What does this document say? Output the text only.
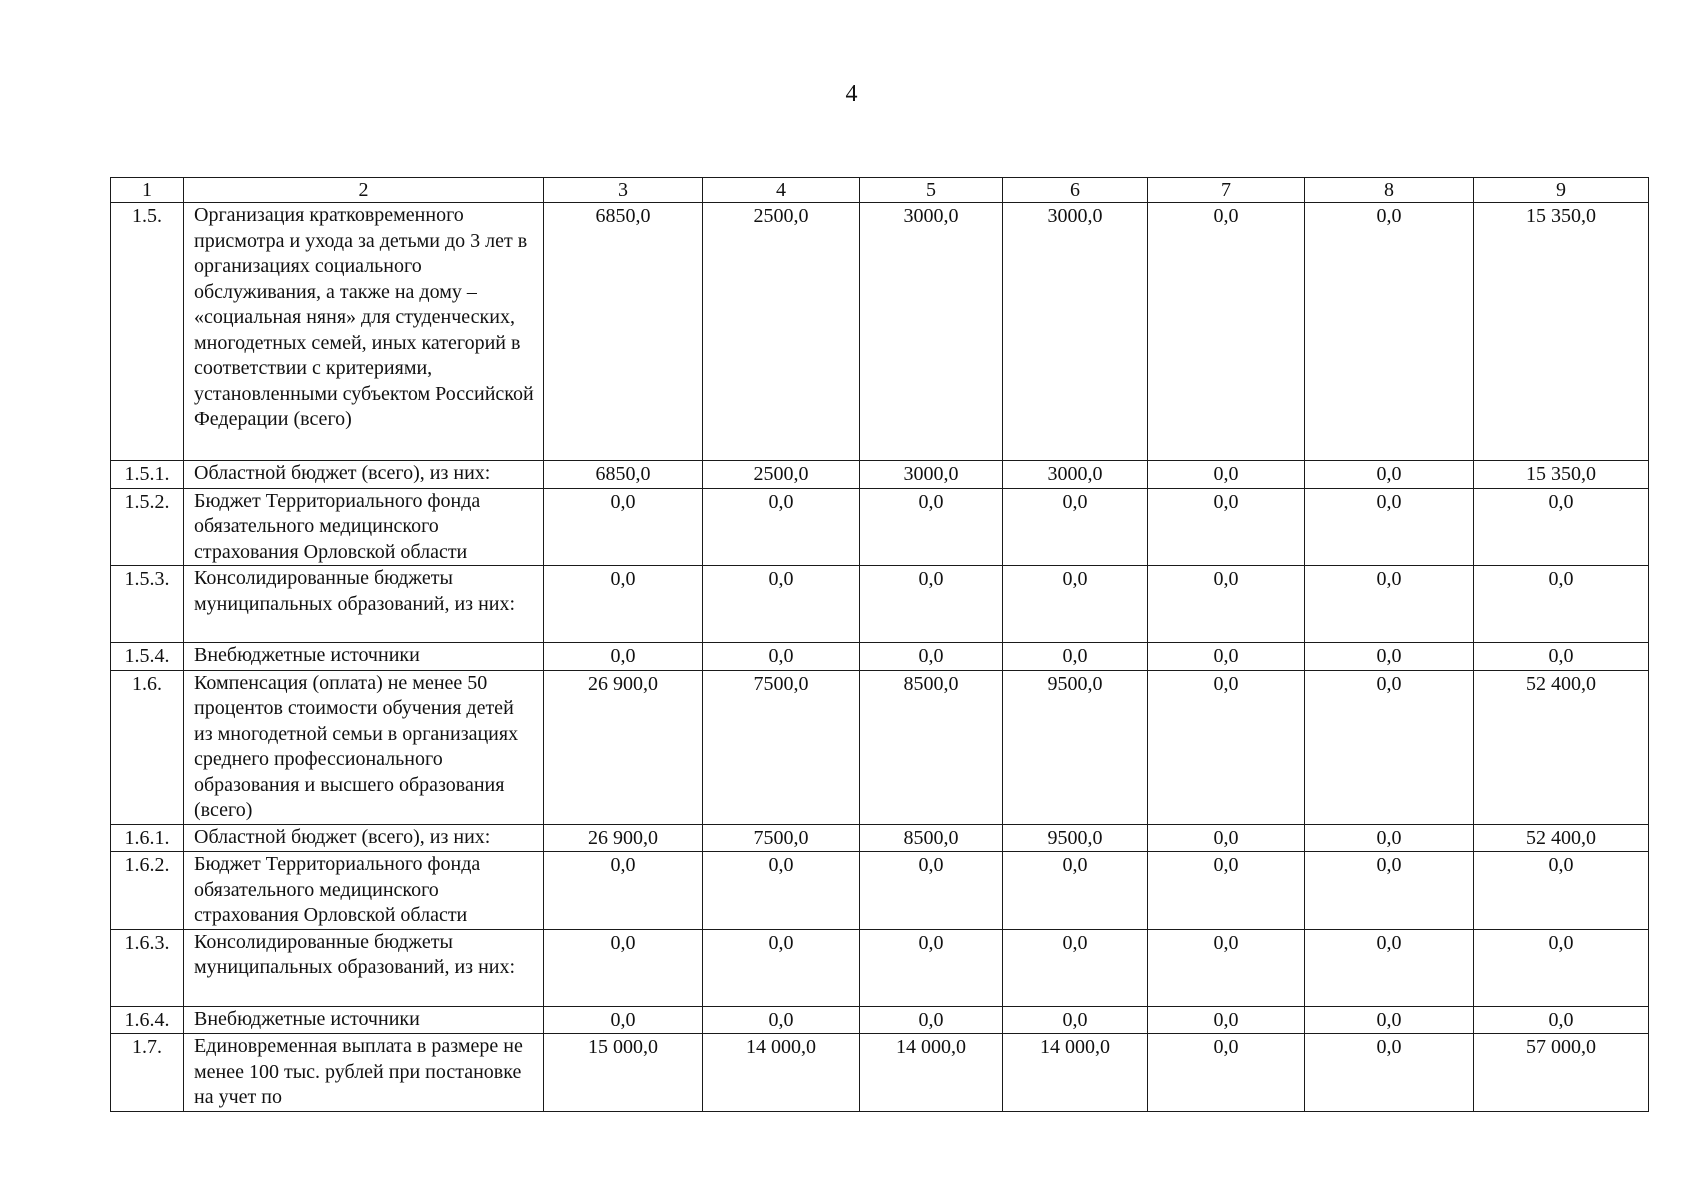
4
1	2	3	4	5	6	7	8	9
1.5.	Организация кратковременного присмотра и ухода за детьми до 3 лет в организациях социального обслуживания, а также на дому – «социальная няня» для студенческих, многодетных семей, иных категорий в соответствии с критериями, установленными субъектом Российской Федерации (всего)	6850,0	2500,0	3000,0	3000,0	0,0	0,0	15 350,0
1.5.1.	Областной бюджет (всего), из них:	6850,0	2500,0	3000,0	3000,0	0,0	0,0	15 350,0
1.5.2.	Бюджет Территориального фонда обязательного медицинского страхования Орловской области	0,0	0,0	0,0	0,0	0,0	0,0	0,0
1.5.3.	Консолидированные бюджеты муниципальных образований, из них:	0,0	0,0	0,0	0,0	0,0	0,0	0,0
1.5.4.	Внебюджетные источники	0,0	0,0	0,0	0,0	0,0	0,0	0,0
1.6.	Компенсация (оплата) не менее 50 процентов стоимости обучения детей из многодетной семьи в организациях среднего профессионального образования и высшего образования (всего)	26 900,0	7500,0	8500,0	9500,0	0,0	0,0	52 400,0
1.6.1.	Областной бюджет (всего), из них:	26 900,0	7500,0	8500,0	9500,0	0,0	0,0	52 400,0
1.6.2.	Бюджет Территориального фонда обязательного медицинского страхования Орловской области	0,0	0,0	0,0	0,0	0,0	0,0	0,0
1.6.3.	Консолидированные бюджеты муниципальных образований, из них:	0,0	0,0	0,0	0,0	0,0	0,0	0,0
1.6.4.	Внебюджетные источники	0,0	0,0	0,0	0,0	0,0	0,0	0,0
1.7.	Единовременная выплата в размере не менее 100 тыс. рублей при постановке на учет по	15 000,0	14 000,0	14 000,0	14 000,0	0,0	0,0	57 000,0
